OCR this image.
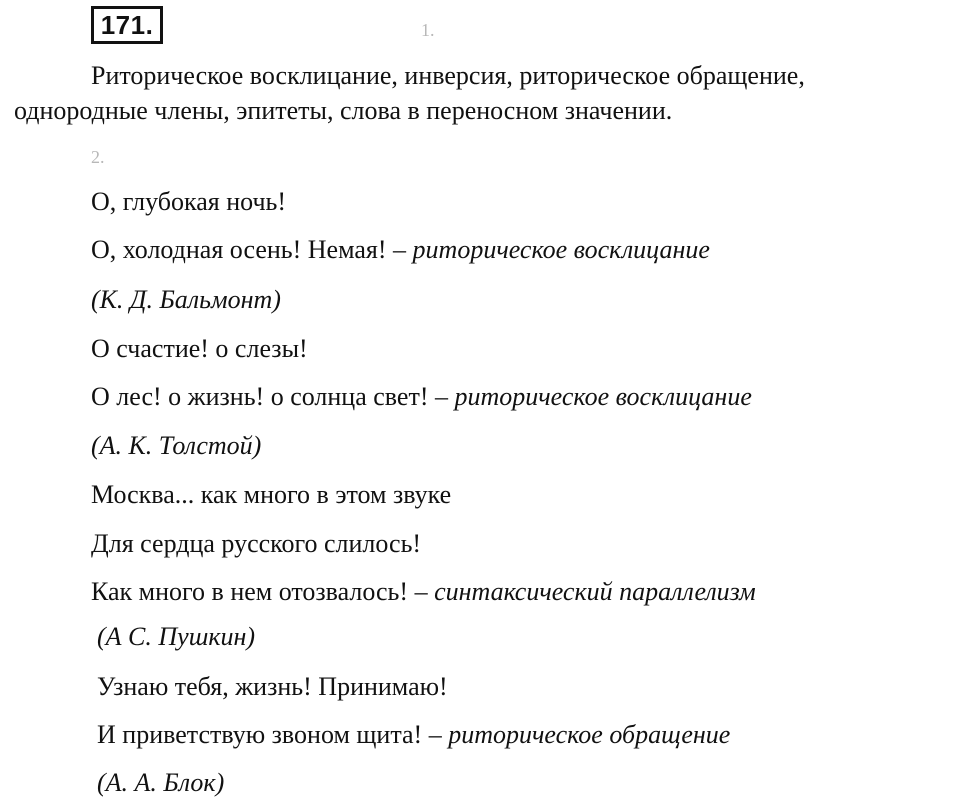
171.	1.
Риторическое восклицание, инверсия, риторическое обращение,
однородные члены, эпитеты, слова в переносном значении.
2.
О, глубокая ночь!
О, холодная осень! Немая! – риторическое восклицание
(К. Д. Бальмонт)
О счастие! о слезы!
О лес! о жизнь! о солнца свет! – риторическое восклицание
(А. К. Толстой)
Москва... как много в этом звуке
Для сердца русского слилось!
Как много в нем отозвалось! – синтаксический параллелизм
(А С. Пушкин)
Узнаю тебя, жизнь! Принимаю!
И приветствую звоном щита! – риторическое обращение
(А. А. Блок)
